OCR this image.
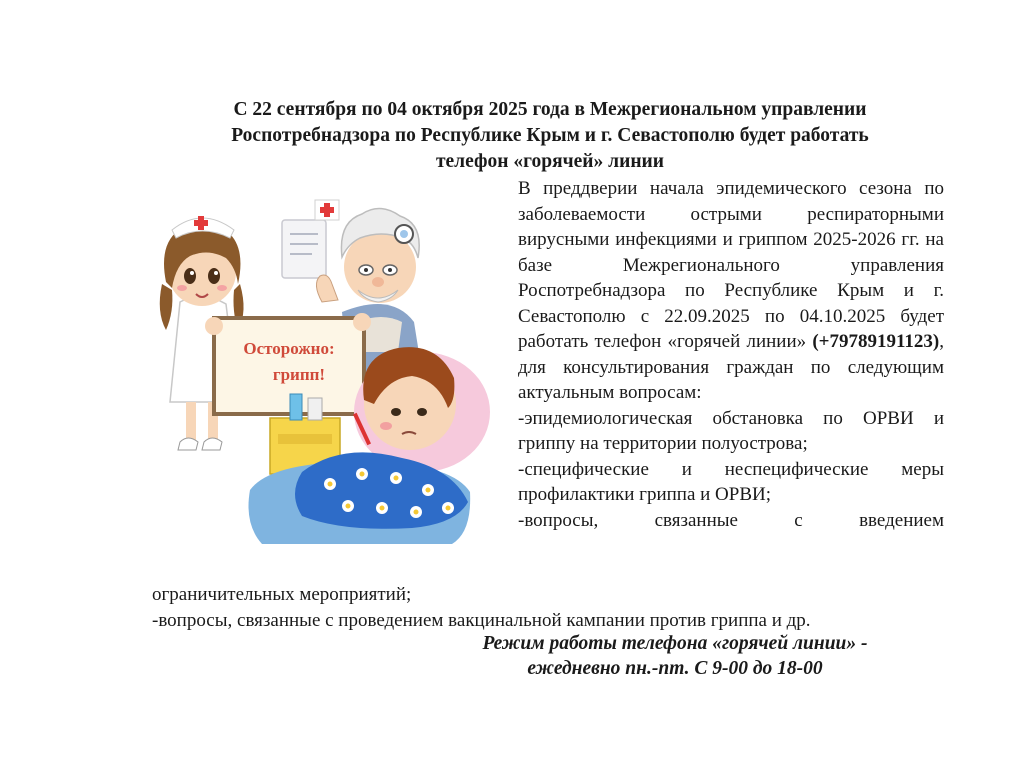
С 22 сентября по 04 октября 2025 года в Межрегиональном управлении
Роспотребнадзора по Республике Крым и г. Севастополю будет работать
телефон «горячей» линии
Осторожно:
грипп!

В преддверии начала эпидемического сезона по заболеваемости острыми респираторными вирусными инфекциями и гриппом 2025-2026 гг. на базе Межрегионального управления Роспотребнадзора по Республике Крым и г. Севастополю с 22.09.2025 по 04.10.2025 будет работать телефон «горячей линии» (+79789191123), для консультирования граждан по следующим актуальным вопросам:

-эпидемиологическая обстановка по ОРВИ и гриппу на территории полуострова;

-специфические и неспецифические меры профилактики гриппа и ОРВИ;

-вопросы, связанные с введением

ограничительных мероприятий;
-вопросы, связанные с проведением вакцинальной кампании против гриппа и др.
Режим работы телефона «горячей линии» -
ежедневно пн.-пт. С 9-00 до 18-00
